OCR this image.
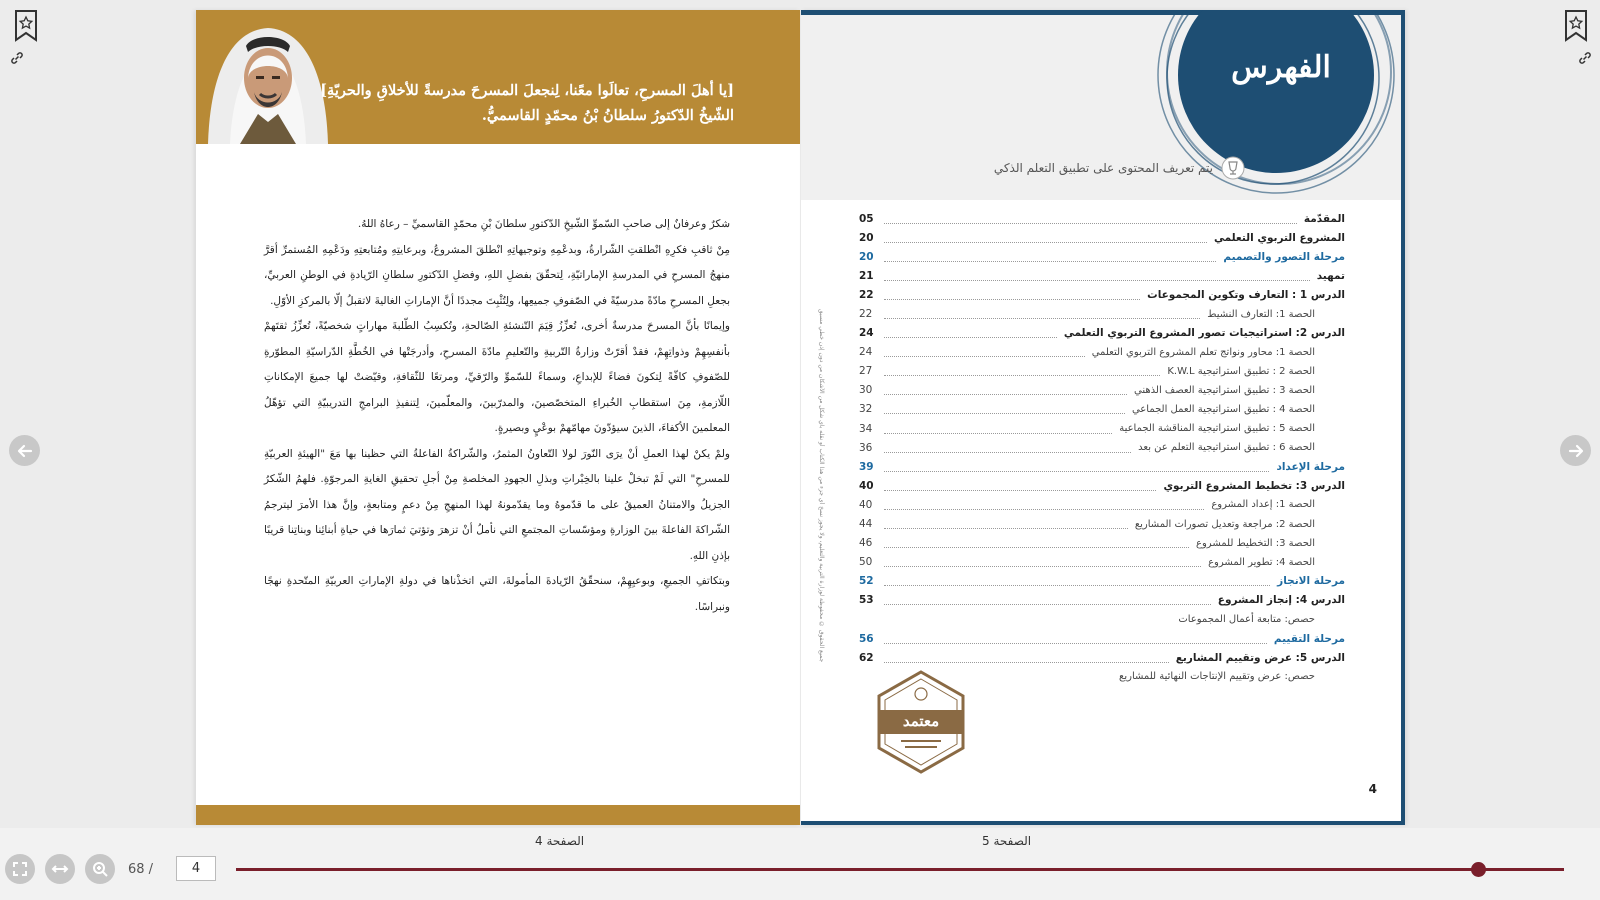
[يا أهلَ المسرحِ، تعالَوا معًنا، لِنجعلَ المسرحَ مدرسةً للأخلاقِ والحريّةِ]
الشّيخُ الدّكتورُ سلطانُ بْنُ محمّدٍ القاسميُّ.

شكرٌ وعرفانٌ إلى صاحبِ السّموِّ الشّيخِ الدّكتورِ سلطانَ بْنِ محمّدٍ القاسميِّ – رعاهُ اللهُ.

مِنْ ثاقبِ فكرِهِ انْطلقتِ الشّرارةُ، وبدعْمِهِ وتوجيهاتِهِ انْطلقَ المشروعُ، وبرعايتِهِ ومُتابعتِهِ ودَعْمِهِ المُستمرِّ أقرَّ منهجُ المسرحِ في المدرسةِ الإماراتيّةِ، لِتحقّقَ بفضلِ اللهِ، وفضلِ الدّكتورِ سلطانِ الرّيادةِ في الوطنِ العربيِّ، بجعلِ المسرحِ مادّةً مدرسيّةً في الصّفوفِ جميعِها، ولِتُثْبِتَ مجددًا أنَّ الإماراتِ الغاليةَ لاتقبلُ إلّا بالمركزِ الأوّلِ.

وإيمانًا بأنَّ المسرحَ مدرسةٌ أخرى، تُعزِّزُ قِيَمَ التّنشئةِ الصّالحةِ، وتُكسِبُ الطّلبةَ مهاراتٍ شخصيّةً، تُعزِّزُ ثقتَهمْ بأنفسِهِمْ وذواتِهِمْ، فقدْ أقرّتْ وزارةُ التّربيةِ والتّعليمِ مادّةَ المسرحِ، وأدرجَتْها في الخُطَّةِ الدّراسيّةِ المطوّرةِ للصّفوفِ كافّةً لِتكونَ فضاءً للإبداعِ، وسماءً للسّموِّ والرّقيِّ، ومرتعًا للثّقافةِ، وقيّضتْ لها جميعَ الإمكاناتِ اللّازمةِ، مِنَ استقطابِ الخُبراءِ المتخصّصينَ، والمدرّبينَ، والمعلّمينَ، لِتنفيذِ البرامجِ التدريبيّةِ التي تؤهّلُ المعلمينَ الأكفاءَ، الذينَ سيؤدّونَ مهامّهمْ بوعْيٍ وبصيرةٍ.

ولمْ يكنْ لهذا العملِ أنْ يرَى النّورَ لولا التّعاونُ المثمرُ، والشّراكةُ الفاعلةُ التي حظينا بها مَعَ "الهيئةِ العربيّةِ للمسرحِ" التي لَمْ تبخلْ علينا بالخِبْراتِ وبذلِ الجهودِ المخلصةِ مِنْ أجلِ تحقيقِ الغايةِ المرجوّةِ. فلهمُ الشّكرُ الجزيلُ والامتنانُ العميقُ على ما قدّموهُ وما يقدّمونهُ لهذا المنهجِ مِنْ دعمٍ ومتابعةٍ، وإنَّ هذا الأمرَ ليترجمُ الشّراكةَ الفاعلةَ بينَ الوزارةِ ومؤسّساتِ المجتمعِ التي نأملُ أنْ تزهرَ وتؤتيَ ثمارَها في حياةِ أبنائِنا وبناتِنا قريبًا بإذنِ اللهِ.

وبتكاتفِ الجميعِ، وبوعيِهِمْ، سنحقّقُ الرّيادةَ المأمولةَ، التي اتخذْناها في دولةِ الإماراتِ العربيّةِ المتّحدةِ نهجًا ونبراسًا.

الفهرس
يتم تعريف المحتوى على تطبيق التعلم الذكي
جميع الحقوق © محفوظة لوزارة التربية والتعليم، ولا يجوز نسخ أي جزء من هذا الكتاب أو نقله بأي شكل من الأشكان من دون إذن خطي مسبق
المقدّمة
05
المشروع التربوي التعلمي
20
مرحلة التصور والتصميم
20
تمهيد
21
الدرس 1 : التعارف وتكوين المجموعات
22
الحصة 1: التعارف النشيط
22
الدرس 2: استراتيجيات تصور المشروع التربوي التعلمي
24
الحصة 1: محاور ونواتج تعلم المشروع التربوي التعلمي
24
الحصة 2 : تطبيق استراتيجية K.W.L
27
الحصة 3 : تطبيق استراتيجية العصف الذهني
30
الحصة 4 : تطبيق استراتيجية العمل الجماعي
32
الحصة 5 : تطبيق استراتيجية المناقشة الجماعية
34
الحصة 6 : تطبيق استراتيجية التعلم عن بعد
36
مرحلة الإعداد
39
الدرس 3: تخطيط المشروع التربوي
40
الحصة 1: إعداد المشروع
40
الحصة 2: مراجعة وتعديل تصورات المشاريع
44
الحصة 3: التخطيط للمشروع
46
الحصة 4: تطوير المشروع
50
مرحلة الانجاز
52
الدرس 4: إنجاز المشروع
53
حصص: متابعة أعمال المجموعات
مرحلة التقييم
56
الدرس 5: عرض وتقييم المشاريع
62
حصص: عرض وتقييم الإنتاجات النهائية للمشاريع
معتمد
4
68 /
4
الصفحة 4	الصفحة 5
